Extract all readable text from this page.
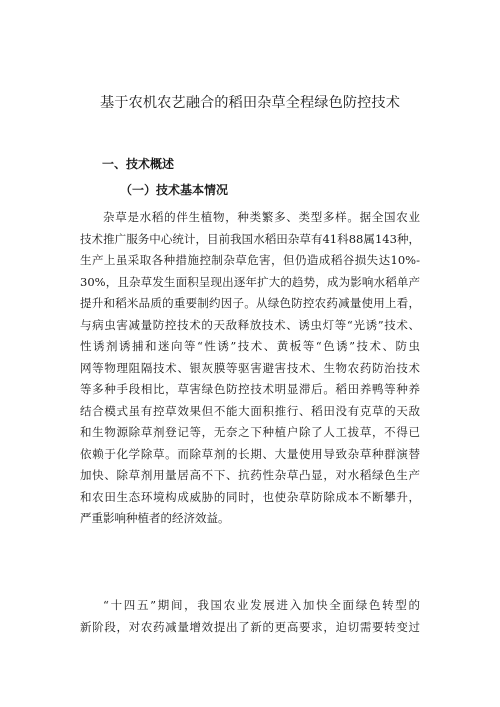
基于农机农艺融合的稻田杂草全程绿色防控技术
一、技术概述
（一）技术基本情况
杂草是水稻的伴生植物，种类繁多、类型多样。据全国农业
技术推广服务中心统计，目前我国水稻田杂草有41科88属143种，
生产上虽采取各种措施控制杂草危害，但仍造成稻谷损失达10%-
30%，且杂草发生面积呈现出逐年扩大的趋势，成为影响水稻单产
提升和稻米品质的重要制约因子。从绿色防控农药减量使用上看，
与病虫害减量防控技术的天敌释放技术、诱虫灯等“光诱”技术、
性诱剂诱捕和迷向等“性诱”技术、黄板等“色诱”技术、防虫
网等物理阻隔技术、银灰膜等驱害避害技术、生物农药防治技术
等多种手段相比，草害绿色防控技术明显滞后。稻田养鸭等种养
结合模式虽有控草效果但不能大面积推行、稻田没有克草的天敌
和生物源除草剂登记等，无奈之下种植户除了人工拔草，不得已
依赖于化学除草。而除草剂的长期、大量使用导致杂草种群演替
加快、除草剂用量居高不下、抗药性杂草凸显，对水稻绿色生产
和农田生态环境构成威胁的同时，也使杂草防除成本不断攀升，
严重影响种植者的经济效益。
“十四五”期间，我国农业发展进入加快全面绿色转型的
新阶段，对农药减量增效提出了新的更高要求，迫切需要转变过
